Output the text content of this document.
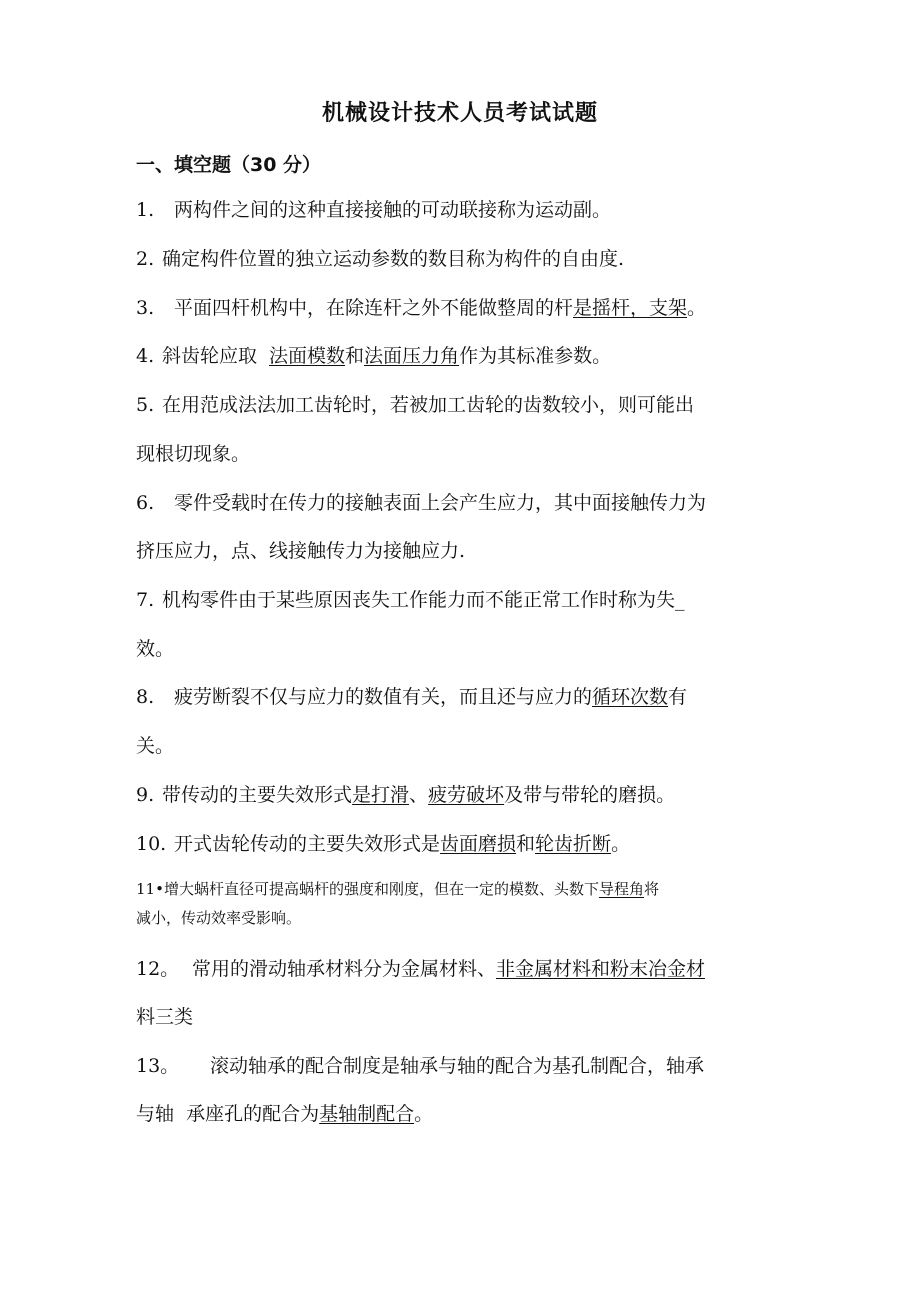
机械设计技术人员考试试题
一、填空题（30 分）
1. 两构件之间的这种直接接触的可动联接称为运动副。
2. 确定构件位置的独立运动参数的数目称为构件的自由度.
3. 平面四杆机构中，在除连杆之外不能做整周的杆是摇杆，支架。
4. 斜齿轮应取 法面模数和法面压力角作为其标准参数。
5. 在用范成法法加工齿轮时，若被加工齿轮的齿数较小，则可能出
现根切现象。
6. 零件受载时在传力的接触表面上会产生应力，其中面接触传力为
挤压应力，点、线接触传力为接触应力.
7. 机构零件由于某些原因丧失工作能力而不能正常工作时称为失_
效。
8. 疲劳断裂不仅与应力的数值有关，而且还与应力的循环次数有
关。
9. 带传动的主要失效形式是打滑、疲劳破坏及带与带轮的磨损。
10. 开式齿轮传动的主要失效形式是齿面磨损和轮齿折断。
11•增大蜗杆直径可提高蜗杆的强度和刚度，但在一定的模数、头数下导程角将
减小，传动效率受影响。
12。 常用的滑动轴承材料分为金属材料、非金属材料和粉末冶金材
料三类
13。 滚动轴承的配合制度是轴承与轴的配合为基孔制配合，轴承
与轴  承座孔的配合为基轴制配合。
